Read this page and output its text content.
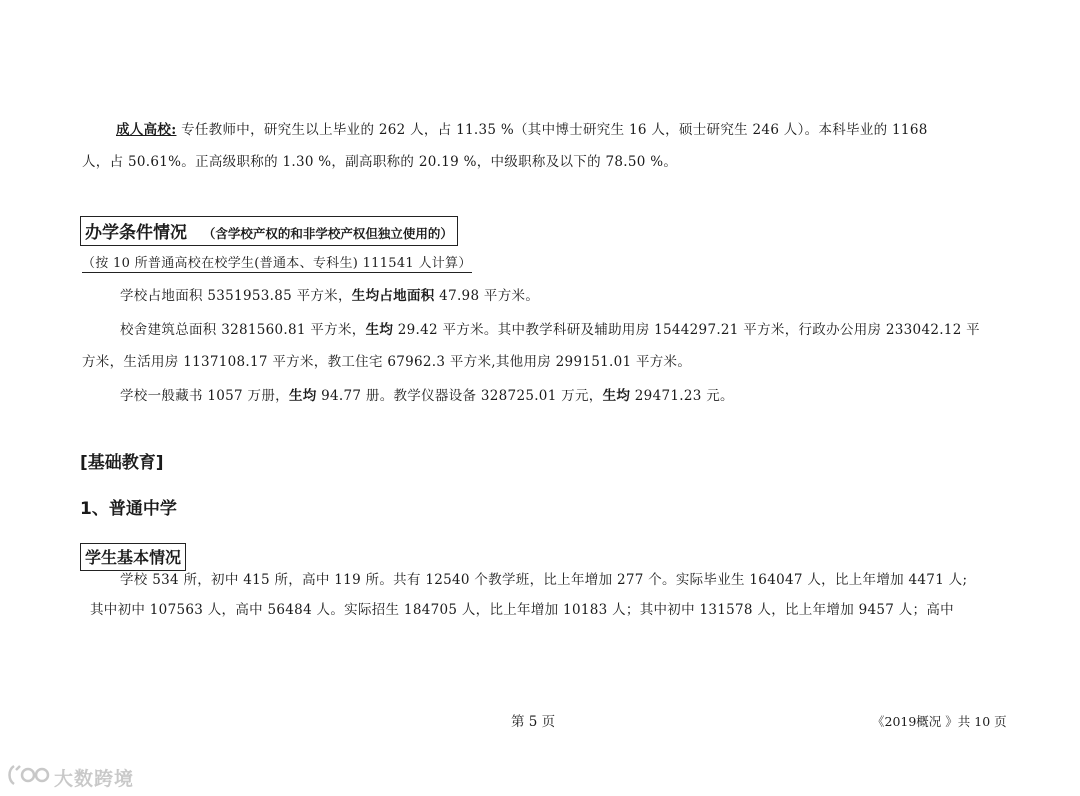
成人高校: 专任教师中，研究生以上毕业的 262 人，占 11.35 %（其中博士研究生 16 人，硕士研究生 246 人）。本科毕业的 1168
人，占 50.61%。正高级职称的 1.30 %，副高职称的 20.19 %，中级职称及以下的 78.50 %。
办学条件情况 （含学校产权的和非学校产权但独立使用的）
（按 10 所普通高校在校学生(普通本、专科生) 111541 人计算）
学校占地面积 5351953.85 平方米，生均占地面积 47.98 平方米。
校舍建筑总面积 3281560.81 平方米，生均 29.42 平方米。其中教学科研及辅助用房 1544297.21 平方米，行政办公用房 233042.12 平
方米，生活用房 1137108.17 平方米，教工住宅 67962.3 平方米,其他用房 299151.01 平方米。
学校一般藏书 1057 万册，生均 94.77 册。教学仪器设备 328725.01 万元，生均 29471.23 元。
[基础教育]
1、普通中学
学生基本情况
学校 534 所，初中 415 所，高中 119 所。共有 12540 个教学班，比上年增加 277 个。实际毕业生 164047 人，比上年增加 4471 人;
其中初中 107563 人，高中 56484 人。实际招生 184705 人，比上年增加 10183 人；其中初中 131578 人，比上年增加 9457 人；高中
第 5 页	《2019概况 》共 10 页
大数跨境
